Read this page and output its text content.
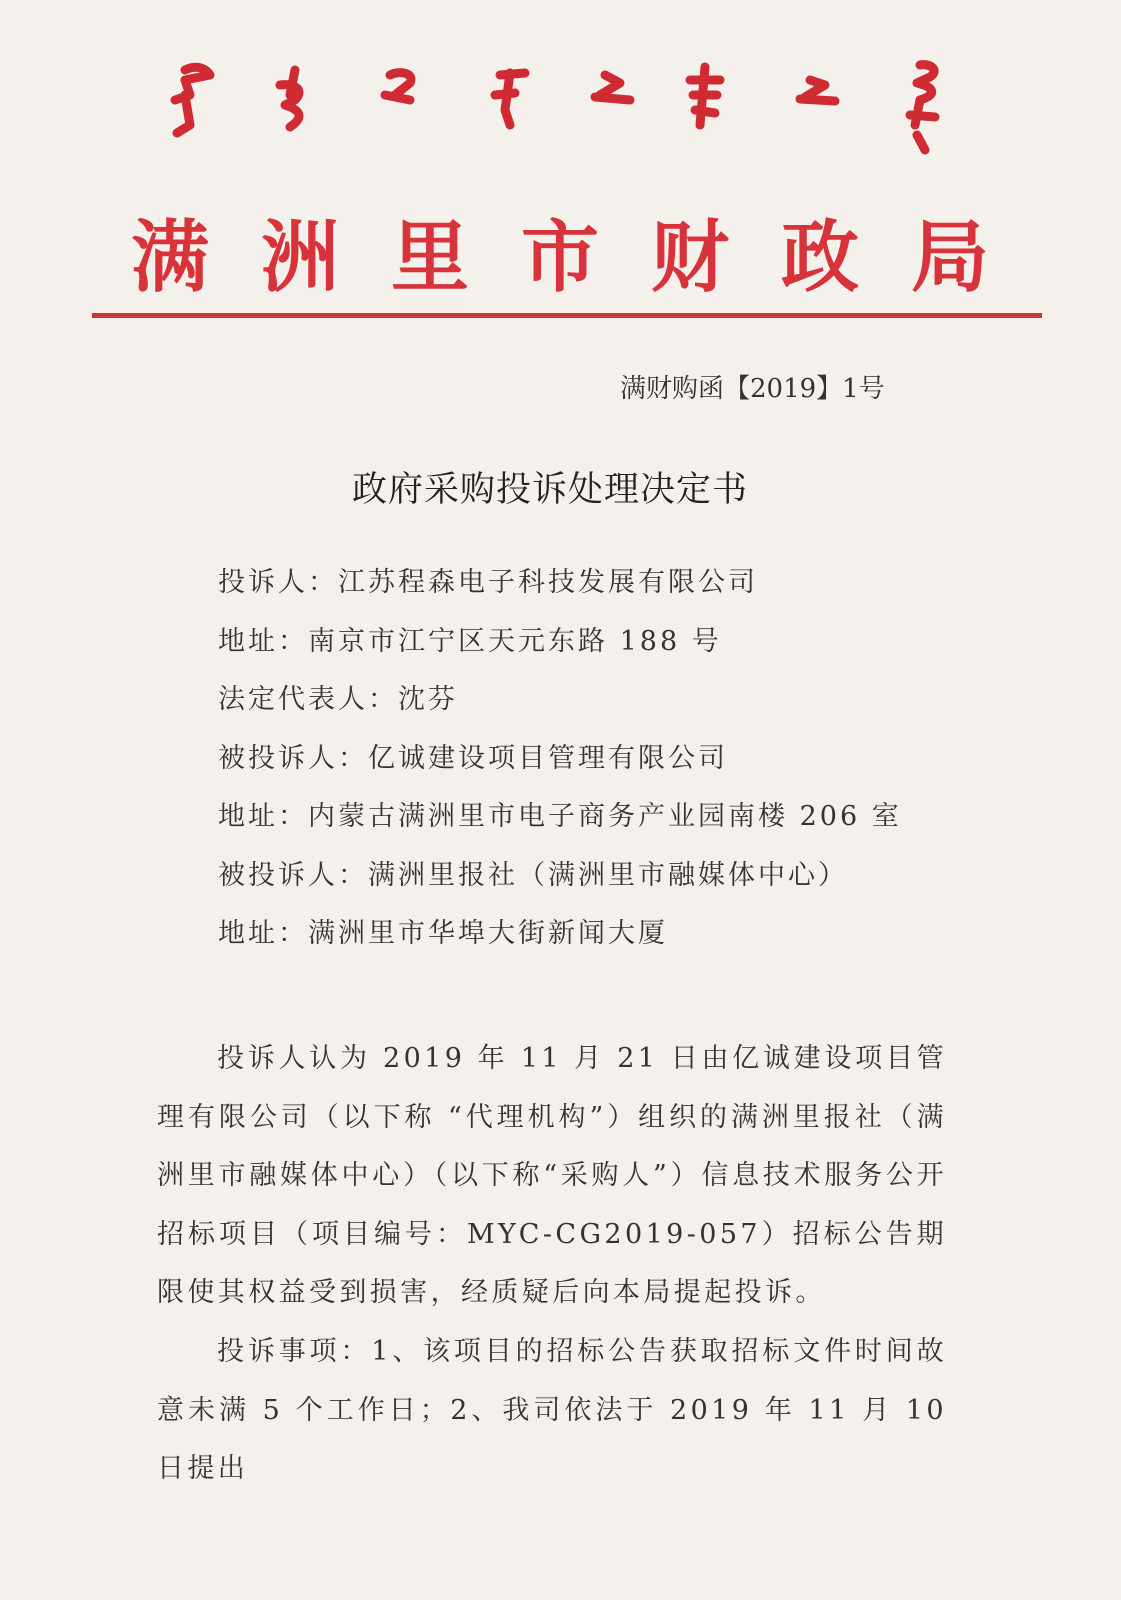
满 洲 里 市 财 政 局
满财购函【2019】1号
政府采购投诉处理决定书
投诉人：江苏程森电子科技发展有限公司
地址：南京市江宁区天元东路 188 号
法定代表人：沈芬
被投诉人：亿诚建设项目管理有限公司
地址：内蒙古满洲里市电子商务产业园南楼 206 室
被投诉人：满洲里报社（满洲里市融媒体中心）
地址：满洲里市华埠大街新闻大厦

投诉人认为 2019 年 11 月 21 日由亿诚建设项目管理有限公司（以下称 “代理机构”）组织的满洲里报社（满洲里市融媒体中心）（以下称“采购人”）信息技术服务公开招标项目（项目编号：MYC-CG2019-057）招标公告期限使其权益受到损害，经质疑后向本局提起投诉。

投诉事项：1、该项目的招标公告获取招标文件时间故意未满 5 个工作日；2、我司依法于 2019 年 11 月 10 日提出
